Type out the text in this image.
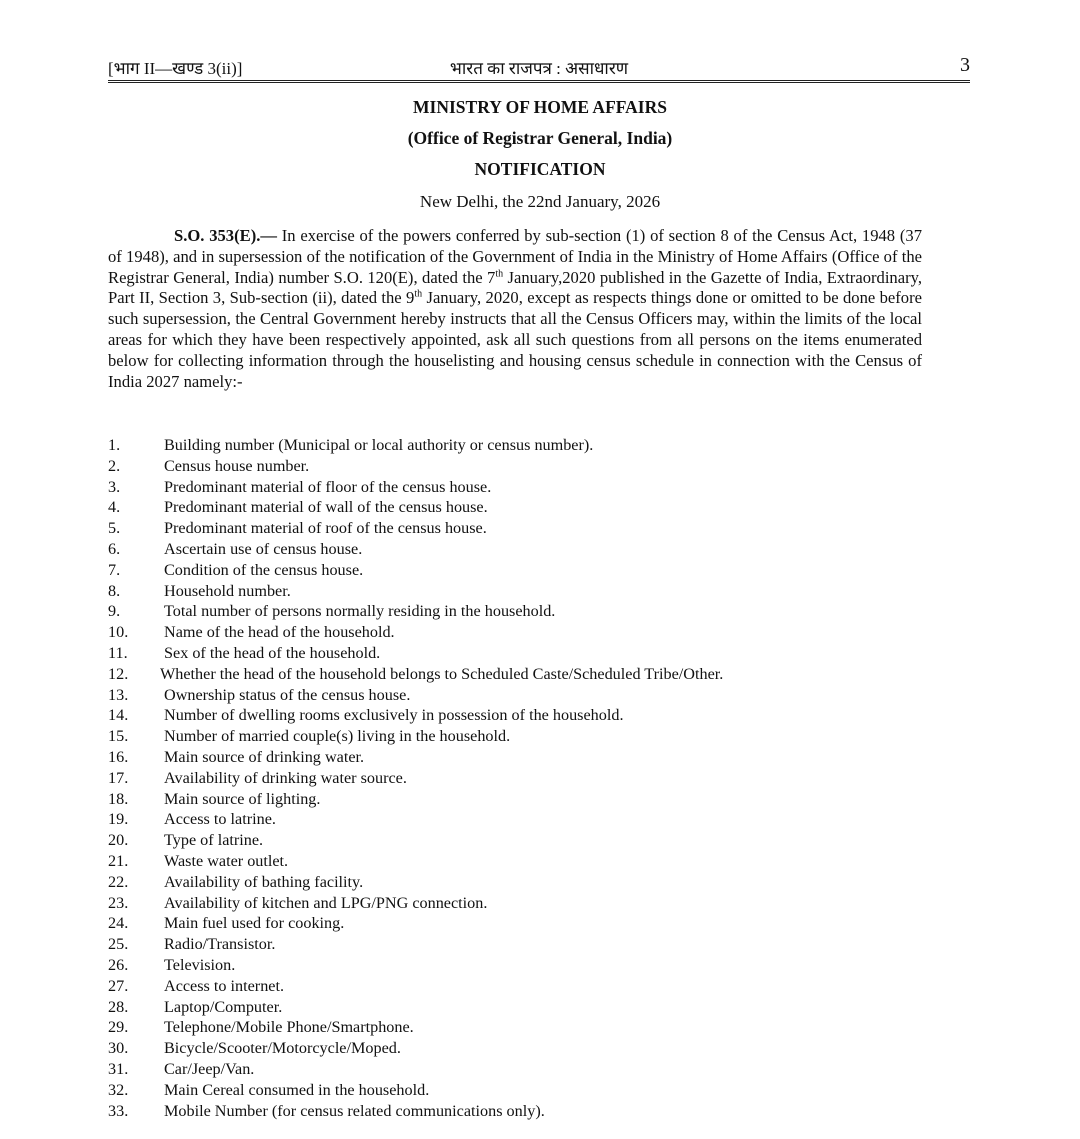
[भाग II—खण्ड 3(ii)]	भारत का राजपत्र : असाधारण	3
MINISTRY OF HOME AFFAIRS
(Office of Registrar General, India)
NOTIFICATION
New Delhi, the 22nd January, 2026

S.O. 353(E).— In exercise of the powers conferred by sub-section (1) of section 8 of the Census Act, 1948 (37 of 1948), and in supersession of the notification of the Government of India in the Ministry of Home Affairs (Office of the Registrar General, India) number S.O. 120(E), dated the 7th January,2020 published in the Gazette of India, Extraordinary, Part II, Section 3, Sub-section (ii), dated the 9th January, 2020, except as respects things done or omitted to be done before such supersession, the Central Government hereby instructs that all the Census Officers may, within the limits of the local areas for which they have been respectively appointed, ask all such questions from all persons on the items enumerated below for collecting information through the houselisting and housing census schedule in connection with the Census of India 2027 namely:-

1.	Building number (Municipal or local authority or census number).
2.	Census house number.
3.	Predominant material of floor of the census house.
4.	Predominant material of wall of the census house.
5.	Predominant material of roof of the census house.
6.	Ascertain use of census house.
7.	Condition of the census house.
8.	Household number.
9.	Total number of persons normally residing in the household.
10. Name of the head of the household.
11. Sex of the head of the household.
12. Whether the head of the household belongs to Scheduled Caste/Scheduled Tribe/Other.
13. Ownership status of the census house.
14. Number of dwelling rooms exclusively in possession of the household.
15. Number of married couple(s) living in the household.
16. Main source of drinking water.
17. Availability of drinking water source.
18. Main source of lighting.
19. Access to latrine.
20. Type of latrine.
21. Waste water outlet.
22. Availability of bathing facility.
23. Availability of kitchen and LPG/PNG connection.
24. Main fuel used for cooking.
25. Radio/Transistor.
26. Television.
27. Access to internet.
28. Laptop/Computer.
29. Telephone/Mobile Phone/Smartphone.
30. Bicycle/Scooter/Motorcycle/Moped.
31. Car/Jeep/Van.
32. Main Cereal consumed in the household.
33. Mobile Number (for census related communications only).
